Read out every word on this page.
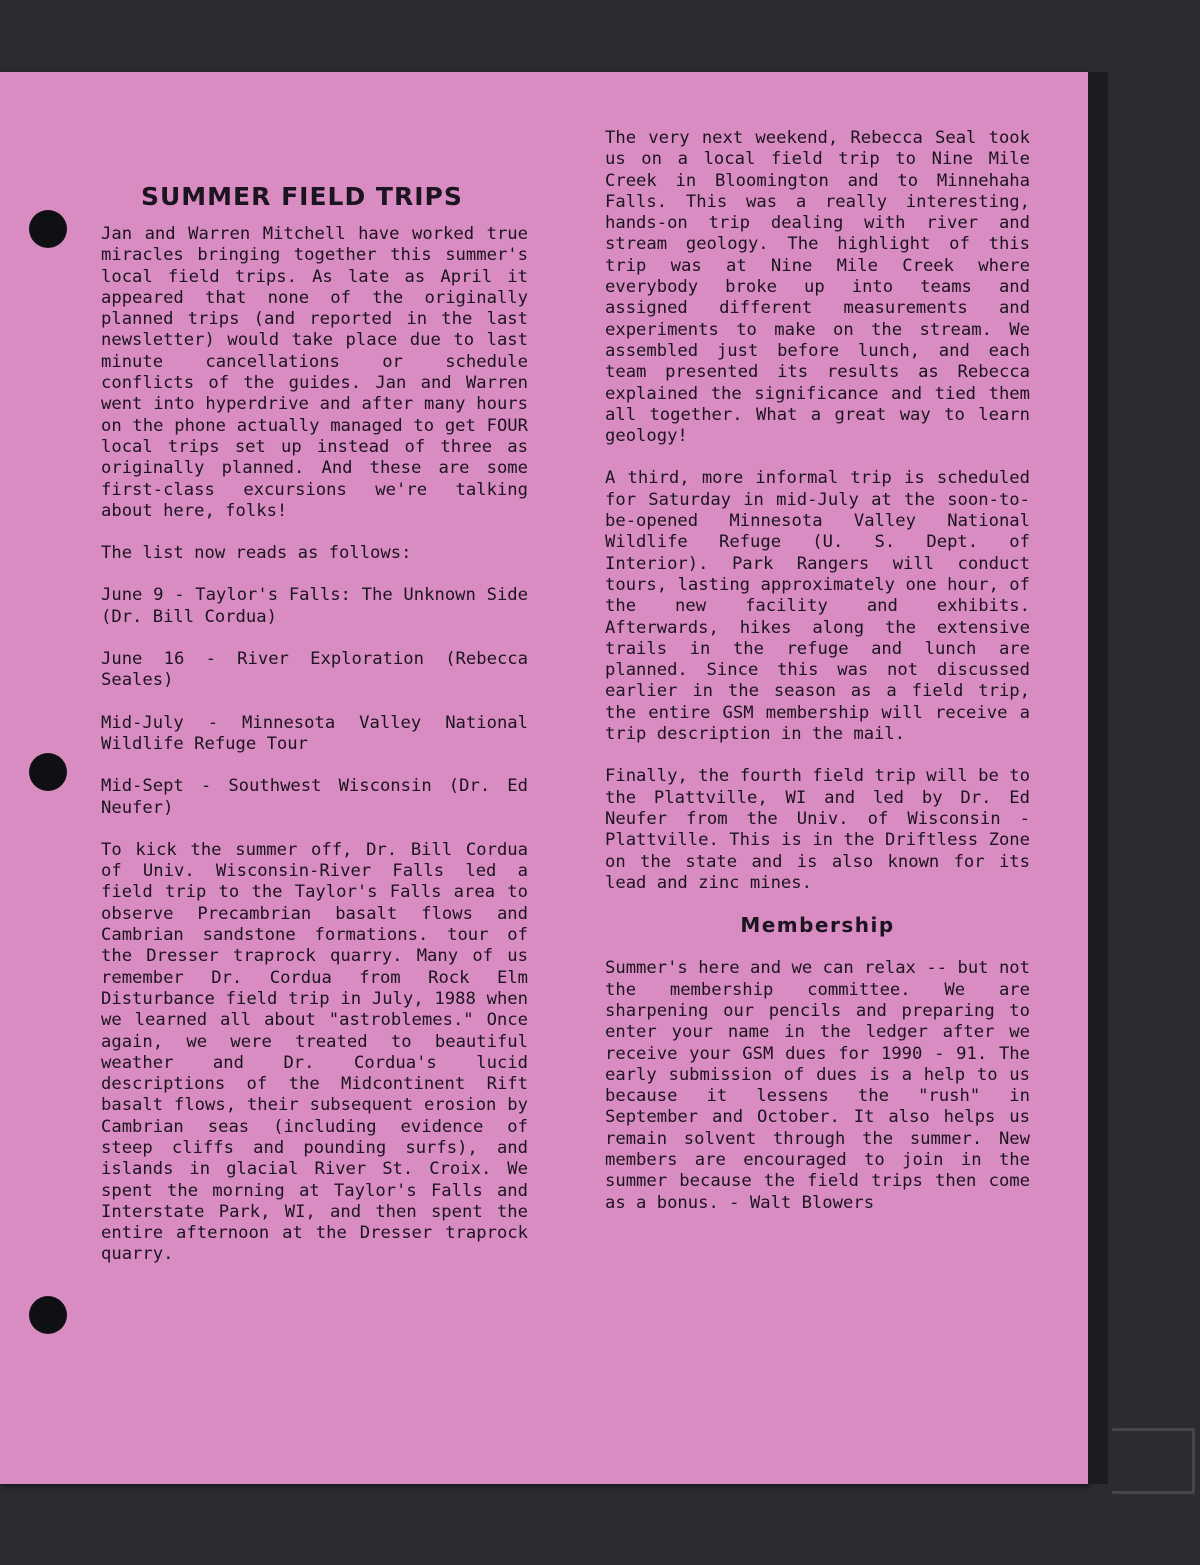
SUMMER FIELD TRIPS

Jan and Warren Mitchell have worked true miracles bringing together this summer's local field trips. As late as April it appeared that none of the originally planned trips (and reported in the last newsletter) would take place due to last minute cancellations or schedule conflicts of the guides. Jan and Warren went into hyperdrive and after many hours on the phone actually managed to get FOUR local trips set up instead of three as originally planned. And these are some first-class excursions we're talking about here, folks!

The list now reads as follows:

June 9 - Taylor's Falls: The Unknown Side (Dr. Bill Cordua)

June 16 - River Exploration (Rebecca Seales)

Mid-July - Minnesota Valley National Wildlife Refuge Tour

Mid-Sept - Southwest Wisconsin (Dr. Ed Neufer)

To kick the summer off, Dr. Bill Cordua of Univ. Wisconsin-River Falls led a field trip to the Taylor's Falls area to observe Precambrian basalt flows and Cambrian sandstone formations. tour of the Dresser traprock quarry. Many of us remember Dr. Cordua from Rock Elm Disturbance field trip in July, 1988 when we learned all about "astroblemes." Once again, we were treated to beautiful weather and Dr. Cordua's lucid descriptions of the Midcontinent Rift basalt flows, their subsequent erosion by Cambrian seas (including evidence of steep cliffs and pounding surfs), and islands in glacial River St. Croix. We spent the morning at Taylor's Falls and Interstate Park, WI, and then spent the entire afternoon at the Dresser traprock quarry.

The very next weekend, Rebecca Seal took us on a local field trip to Nine Mile Creek in Bloomington and to Minnehaha Falls. This was a really interesting, hands-on trip dealing with river and stream geology. The highlight of this trip was at Nine Mile Creek where everybody broke up into teams and assigned different measurements and experiments to make on the stream. We assembled just before lunch, and each team presented its results as Rebecca explained the significance and tied them all together. What a great way to learn geology!

A third, more informal trip is scheduled for Saturday in mid-July at the soon-to-be-opened Minnesota Valley National Wildlife Refuge (U. S. Dept. of Interior). Park Rangers will conduct tours, lasting approximately one hour, of the new facility and exhibits. Afterwards, hikes along the extensive trails in the refuge and lunch are planned. Since this was not discussed earlier in the season as a field trip, the entire GSM membership will receive a trip description in the mail.

Finally, the fourth field trip will be to the Plattville, WI and led by Dr. Ed Neufer from the Univ. of Wisconsin - Plattville. This is in the Driftless Zone on the state and is also known for its lead and zinc mines.

Membership

Summer's here and we can relax -- but not the membership committee. We are sharpening our pencils and preparing to enter your name in the ledger after we receive your GSM dues for 1990 - 91. The early submission of dues is a help to us because it lessens the "rush" in September and October. It also helps us remain solvent through the summer. New members are encouraged to join in the summer because the field trips then come as a bonus. - Walt Blowers
